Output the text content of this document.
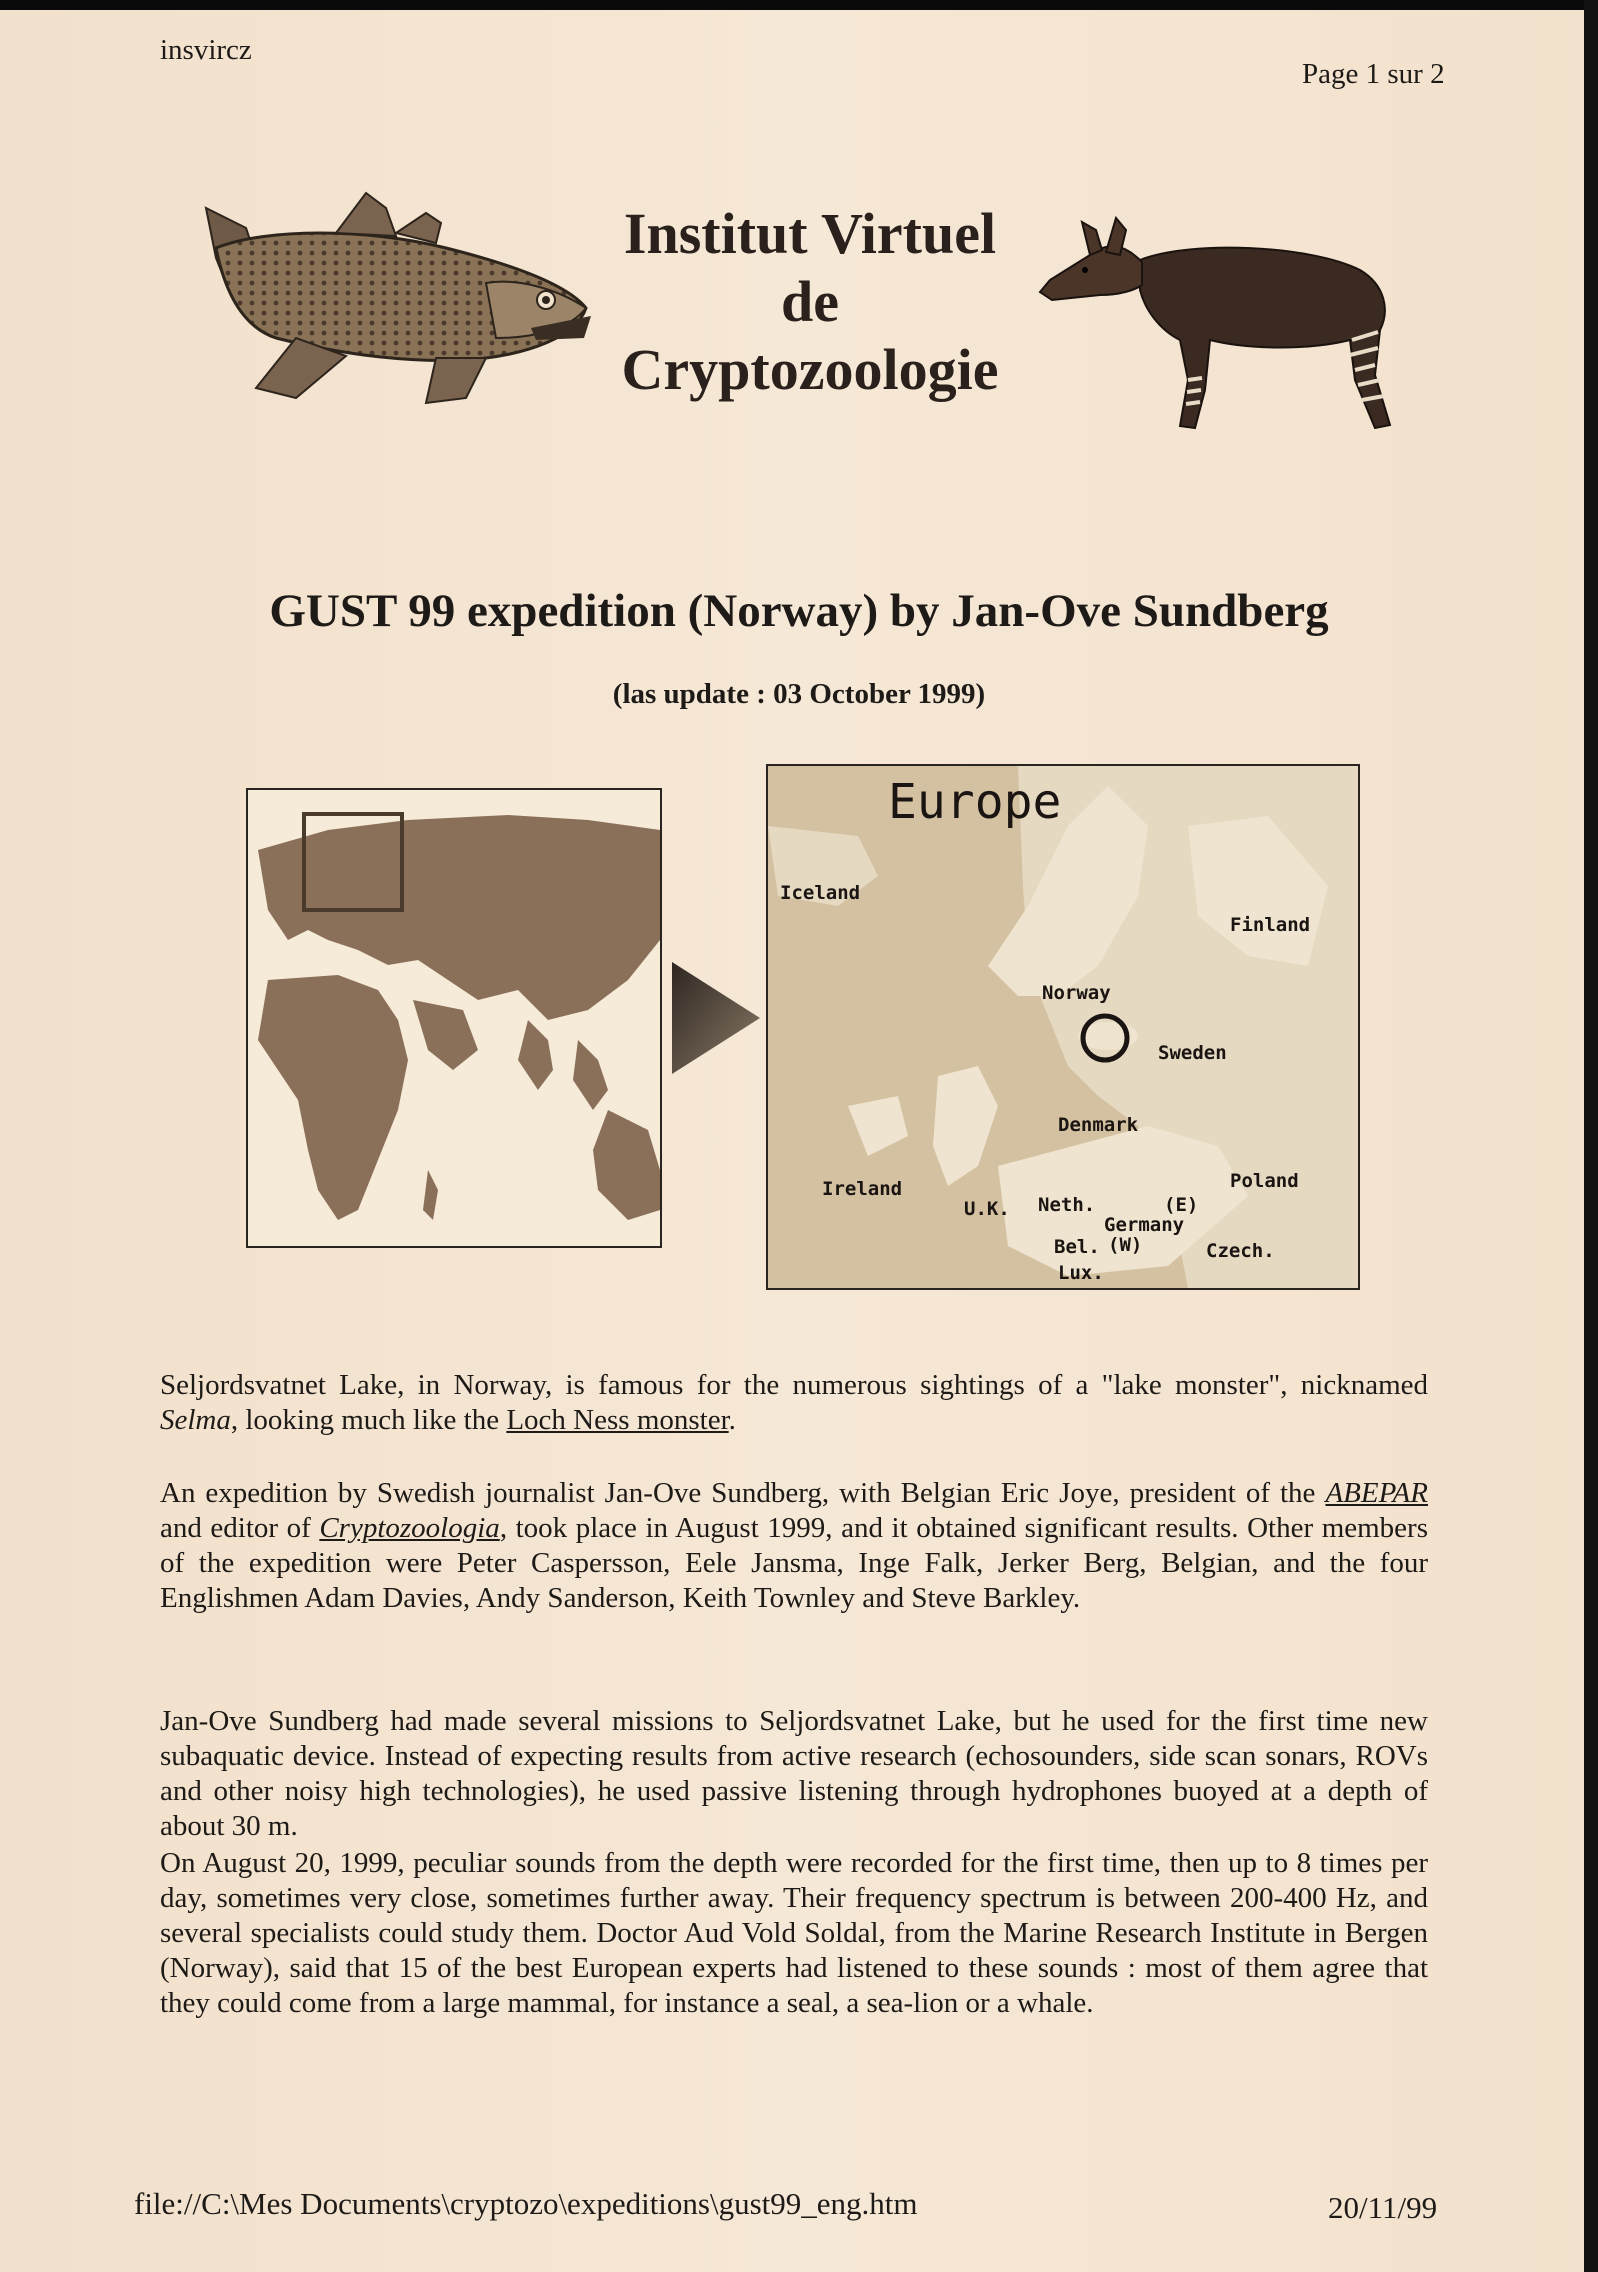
insvircz
Page 1 sur 2
Institut Virtuel
de
Cryptozoologie
GUST 99 expedition (Norway) by Jan-Ove Sundberg
(las update : 03 October 1999)
Europe
Iceland
Finland
Norway
Sweden
Denmark
Ireland	Poland
U.K. Neth.	(E)
Germany
Bel. (W)	Czech.
Lux.

Seljordsvatnet Lake, in Norway, is famous for the numerous sightings of a "lake monster", nicknamed Selma, looking much like the Loch Ness monster.

An expedition by Swedish journalist Jan-Ove Sundberg, with Belgian Eric Joye, president of the ABEPAR and editor of Cryptozoologia, took place in August 1999, and it obtained significant results. Other members of the expedition were Peter Caspersson, Eele Jansma, Inge Falk, Jerker Berg, Belgian, and the four Englishmen Adam Davies, Andy Sanderson, Keith Townley and Steve Barkley.

Jan-Ove Sundberg had made several missions to Seljordsvatnet Lake, but he used for the first time new subaquatic device. Instead of expecting results from active research (echosounders, side scan sonars, ROVs and other noisy high technologies), he used passive listening through hydrophones buoyed at a depth of about 30 m.

On August 20, 1999, peculiar sounds from the depth were recorded for the first time, then up to 8 times per day, sometimes very close, sometimes further away. Their frequency spectrum is between 200-400 Hz, and several specialists could study them. Doctor Aud Vold Soldal, from the Marine Research Institute in Bergen (Norway), said that 15 of the best European experts had listened to these sounds : most of them agree that they could come from a large mammal, for instance a seal, a sea-lion or a whale.

file://C:\Mes Documents\cryptozo\expeditions\gust99_eng.htm	20/11/99
